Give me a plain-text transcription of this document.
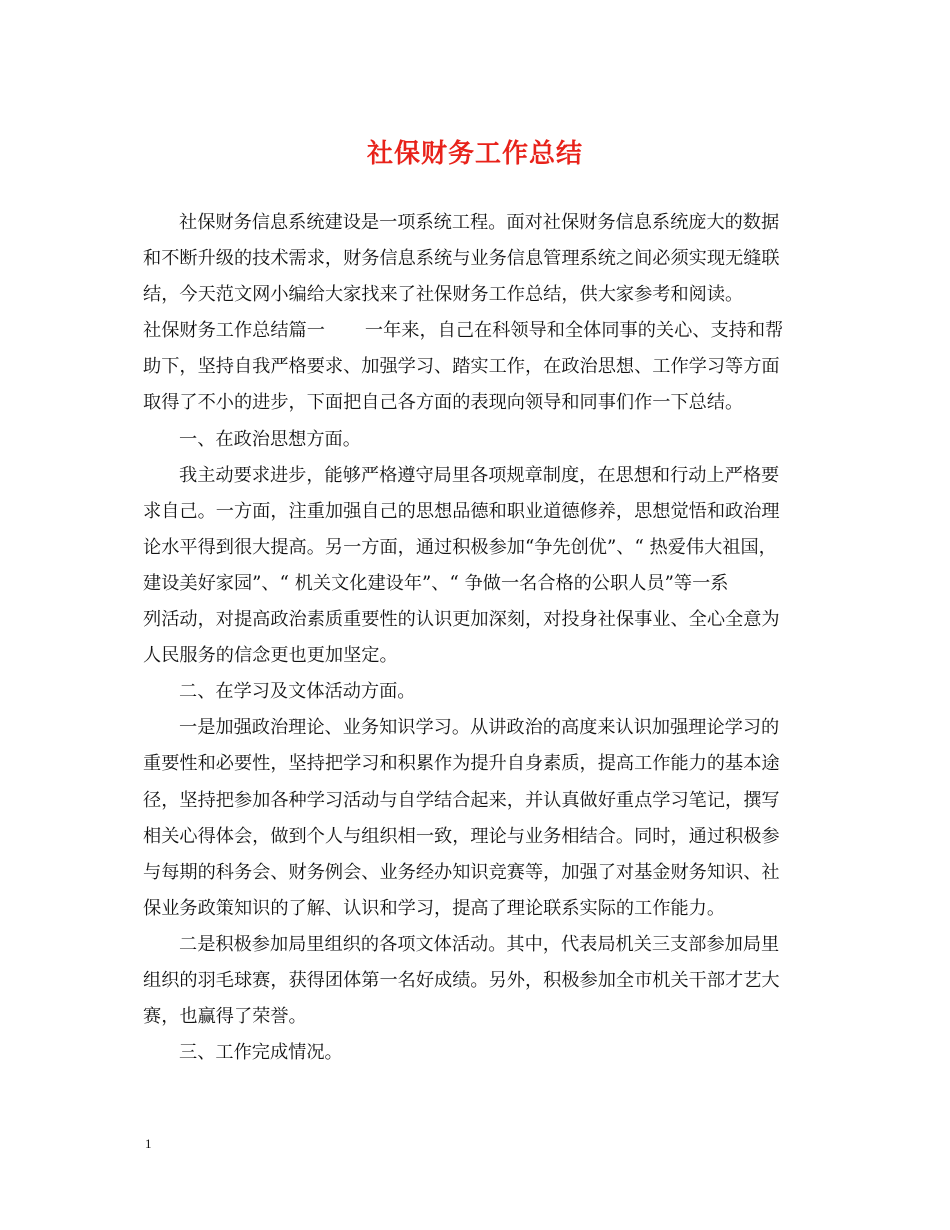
社保财务工作总结
社保财务信息系统建设是一项系统工程。面对社保财务信息系统庞大的数据
和不断升级的技术需求，财务信息系统与业务信息管理系统之间必须实现无缝联
结，今天范文网小编给大家找来了社保财务工作总结，供大家参考和阅读。
社保财务工作总结篇一 一年来，自己在科领导和全体同事的关心、支持和帮
助下，坚持自我严格要求、加强学习、踏实工作，在政治思想、工作学习等方面
取得了不小的进步，下面把自己各方面的表现向领导和同事们作一下总结。
一、在政治思想方面。
我主动要求进步，能够严格遵守局里各项规章制度，在思想和行动上严格要
求自己。一方面，注重加强自己的思想品德和职业道德修养，思想觉悟和政治理
论水平得到很大提高。另一方面，通过积极参加“争先创优”、“ 热爱伟大祖国，
建设美好家园”、“ 机关文化建设年”、“ 争做一名合格的公职人员”等一系
列活动，对提高政治素质重要性的认识更加深刻，对投身社保事业、全心全意为
人民服务的信念更也更加坚定。
二、在学习及文体活动方面。
一是加强政治理论、业务知识学习。从讲政治的高度来认识加强理论学习的
重要性和必要性，坚持把学习和积累作为提升自身素质，提高工作能力的基本途
径，坚持把参加各种学习活动与自学结合起来，并认真做好重点学习笔记，撰写
相关心得体会，做到个人与组织相一致，理论与业务相结合。同时，通过积极参
与每期的科务会、财务例会、业务经办知识竞赛等，加强了对基金财务知识、社
保业务政策知识的了解、认识和学习，提高了理论联系实际的工作能力。
二是积极参加局里组织的各项文体活动。其中，代表局机关三支部参加局里
组织的羽毛球赛，获得团体第一名好成绩。另外，积极参加全市机关干部才艺大
赛，也赢得了荣誉。
三、工作完成情况。
1
